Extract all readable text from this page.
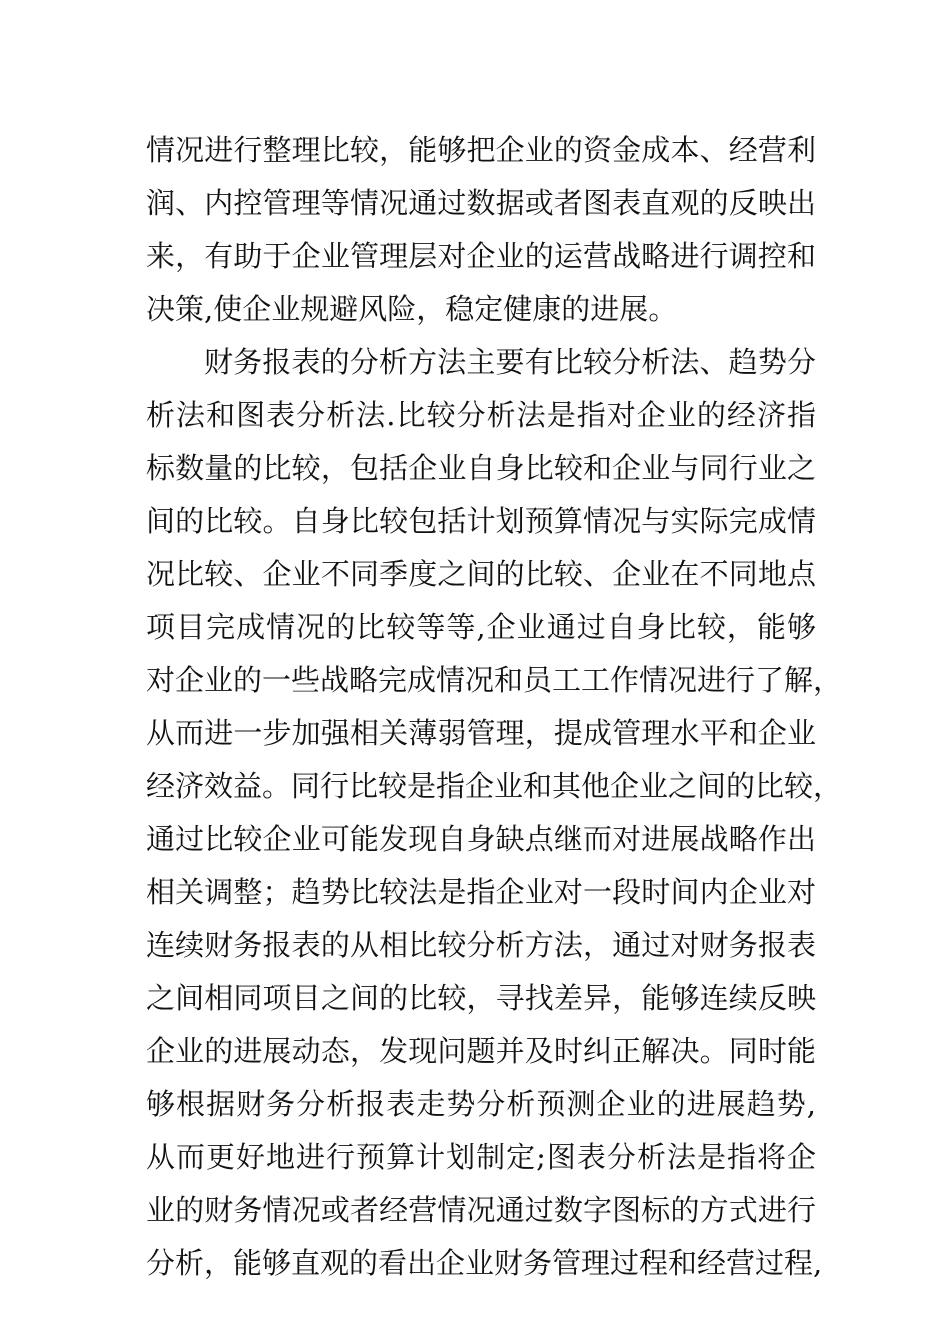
情况进行整理比较，能够把企业的资金成本、经营利
润、内控管理等情况通过数据或者图表直观的反映出
来，有助于企业管理层对企业的运营战略进行调控和
决策,使企业规避风险，稳定健康的进展。
财务报表的分析方法主要有比较分析法、趋势分
析法和图表分析法.比较分析法是指对企业的经济指
标数量的比较，包括企业自身比较和企业与同行业之
间的比较。自身比较包括计划预算情况与实际完成情
况比较、企业不同季度之间的比较、企业在不同地点
项目完成情况的比较等等,企业通过自身比较，能够
对企业的一些战略完成情况和员工工作情况进行了解，
从而进一步加强相关薄弱管理，提成管理水平和企业
经济效益。同行比较是指企业和其他企业之间的比较，
通过比较企业可能发现自身缺点继而对进展战略作出
相关调整；趋势比较法是指企业对一段时间内企业对
连续财务报表的从相比较分析方法，通过对财务报表
之间相同项目之间的比较，寻找差异，能够连续反映
企业的进展动态，发现问题并及时纠正解决。同时能
够根据财务分析报表走势分析预测企业的进展趋势,
从而更好地进行预算计划制定;图表分析法是指将企
业的财务情况或者经营情况通过数字图标的方式进行
分析，能够直观的看出企业财务管理过程和经营过程,
